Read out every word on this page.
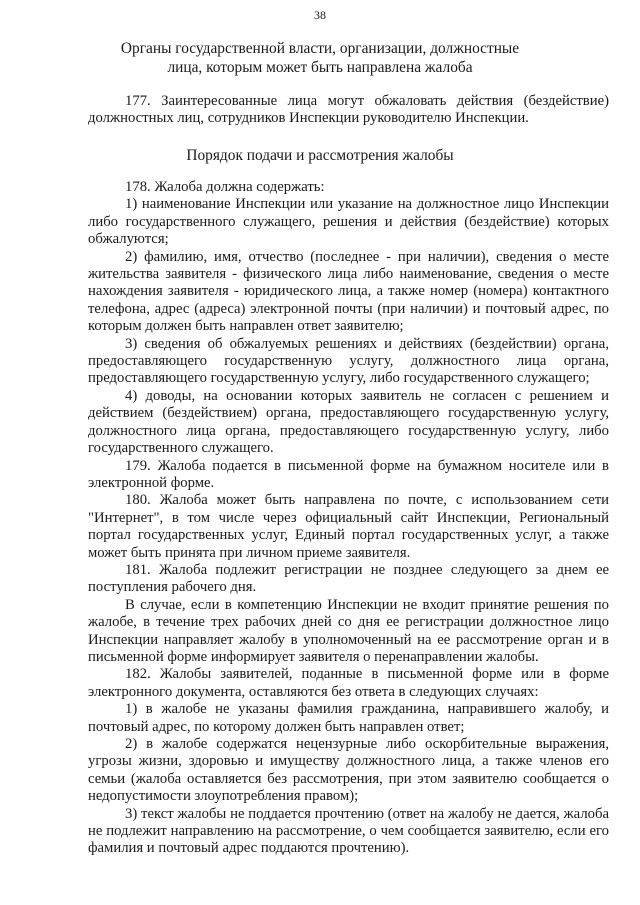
38
Органы государственной власти, организации, должностные
лица, которым может быть направлена жалоба

177. Заинтересованные лица могут обжаловать действия (бездействие) должностных лиц, сотрудников Инспекции руководителю Инспекции.

Порядок подачи и рассмотрения жалобы

178. Жалоба должна содержать:

1) наименование Инспекции или указание на должностное лицо Инспекции либо государственного служащего, решения и действия (бездействие) которых обжалуются;

2) фамилию, имя, отчество (последнее - при наличии), сведения о месте жительства заявителя - физического лица либо наименование, сведения о месте нахождения заявителя - юридического лица, а также номер (номера) контактного телефона, адрес (адреса) электронной почты (при наличии) и почтовый адрес, по которым должен быть направлен ответ заявителю;

3) сведения об обжалуемых решениях и действиях (бездействии) органа, предоставляющего государственную услугу, должностного лица органа, предоставляющего государственную услугу, либо государственного служащего;

4) доводы, на основании которых заявитель не согласен с решением и действием (бездействием) органа, предоставляющего государственную услугу, должностного лица органа, предоставляющего государственную услугу, либо государственного служащего.

179. Жалоба подается в письменной форме на бумажном носителе или в электронной форме.

180. Жалоба может быть направлена по почте, с использованием сети "Интернет", в том числе через официальный сайт Инспекции, Региональный портал государственных услуг, Единый портал государственных услуг, а также может быть принята при личном приеме заявителя.

181. Жалоба подлежит регистрации не позднее следующего за днем ее поступления рабочего дня.

В случае, если в компетенцию Инспекции не входит принятие решения по жалобе, в течение трех рабочих дней со дня ее регистрации должностное лицо Инспекции направляет жалобу в уполномоченный на ее рассмотрение орган и в письменной форме информирует заявителя о перенаправлении жалобы.

182. Жалобы заявителей, поданные в письменной форме или в форме электронного документа, оставляются без ответа в следующих случаях:

1) в жалобе не указаны фамилия гражданина, направившего жалобу, и почтовый адрес, по которому должен быть направлен ответ;

2) в жалобе содержатся нецензурные либо оскорбительные выражения, угрозы жизни, здоровью и имуществу должностного лица, а также членов его семьи (жалоба оставляется без рассмотрения, при этом заявителю сообщается о недопустимости злоупотребления правом);

3) текст жалобы не поддается прочтению (ответ на жалобу не дается, жалоба не подлежит направлению на рассмотрение, о чем сообщается заявителю, если его фамилия и почтовый адрес поддаются прочтению).
